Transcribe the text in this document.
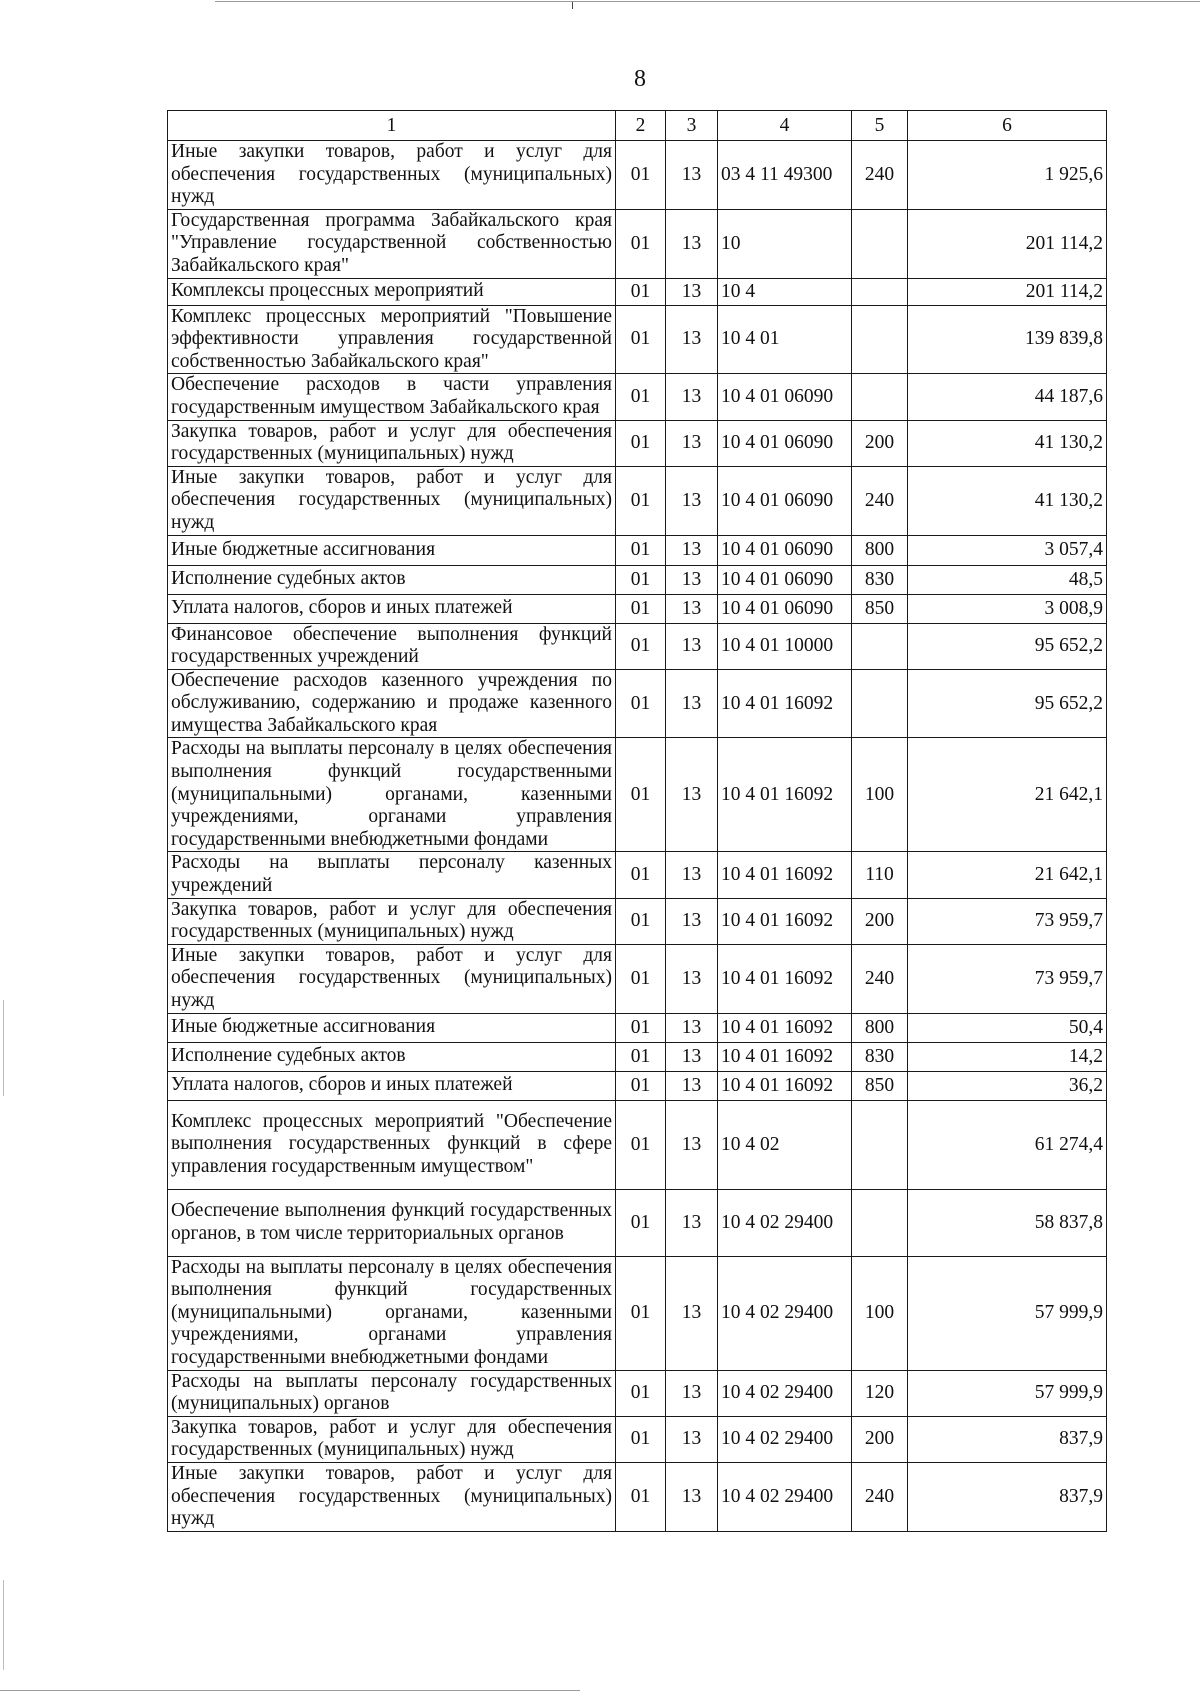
8
1	2	3	4	5	6
Иные закупки товаров, работ и услуг для обеспечения государственных (муниципальных) нужд	01	13	03 4 11 49300	240	1 925,6
Государственная программа Забайкальского края "Управление государственной собственностью Забайкальского края"	01	13	10		201 114,2
Комплексы процессных мероприятий	01	13	10 4		201 114,2
Комплекс процессных мероприятий "Повышение эффективности управления государственной собственностью Забайкальского края"	01	13	10 4 01		139 839,8
Обеспечение расходов в части управления государственным имуществом Забайкальского края	01	13	10 4 01 06090		44 187,6
Закупка товаров, работ и услуг для обеспечения государственных (муниципальных) нужд	01	13	10 4 01 06090	200	41 130,2
Иные закупки товаров, работ и услуг для обеспечения государственных (муниципальных) нужд	01	13	10 4 01 06090	240	41 130,2
Иные бюджетные ассигнования	01	13	10 4 01 06090	800	3 057,4
Исполнение судебных актов	01	13	10 4 01 06090	830	48,5
Уплата налогов, сборов и иных платежей	01	13	10 4 01 06090	850	3 008,9
Финансовое обеспечение выполнения функций государственных учреждений	01	13	10 4 01 10000		95 652,2
Обеспечение расходов казенного учреждения по обслуживанию, содержанию и продаже казенного имущества Забайкальского края	01	13	10 4 01 16092		95 652,2
Расходы на выплаты персоналу в целях обеспечения выполнения функций государственными (муниципальными) органами, казенными учреждениями, органами управления государственными внебюджетными фондами	01	13	10 4 01 16092	100	21 642,1
Расходы на выплаты персоналу казенных учреждений	01	13	10 4 01 16092	110	21 642,1
Закупка товаров, работ и услуг для обеспечения государственных (муниципальных) нужд	01	13	10 4 01 16092	200	73 959,7
Иные закупки товаров, работ и услуг для обеспечения государственных (муниципальных) нужд	01	13	10 4 01 16092	240	73 959,7
Иные бюджетные ассигнования	01	13	10 4 01 16092	800	50,4
Исполнение судебных актов	01	13	10 4 01 16092	830	14,2
Уплата налогов, сборов и иных платежей	01	13	10 4 01 16092	850	36,2
Комплекс процессных мероприятий "Обеспечение выполнения государственных функций в сфере управления государственным имуществом"	01	13	10 4 02		61 274,4
Обеспечение выполнения функций государственных органов, в том числе территориальных органов	01	13	10 4 02 29400		58 837,8
Расходы на выплаты персоналу в целях обеспечения выполнения функций государственных (муниципальными) органами, казенными учреждениями, органами управления государственными внебюджетными фондами	01	13	10 4 02 29400	100	57 999,9
Расходы на выплаты персоналу государственных (муниципальных) органов	01	13	10 4 02 29400	120	57 999,9
Закупка товаров, работ и услуг для обеспечения государственных (муниципальных) нужд	01	13	10 4 02 29400	200	837,9
Иные закупки товаров, работ и услуг для обеспечения государственных (муниципальных) нужд	01	13	10 4 02 29400	240	837,9
